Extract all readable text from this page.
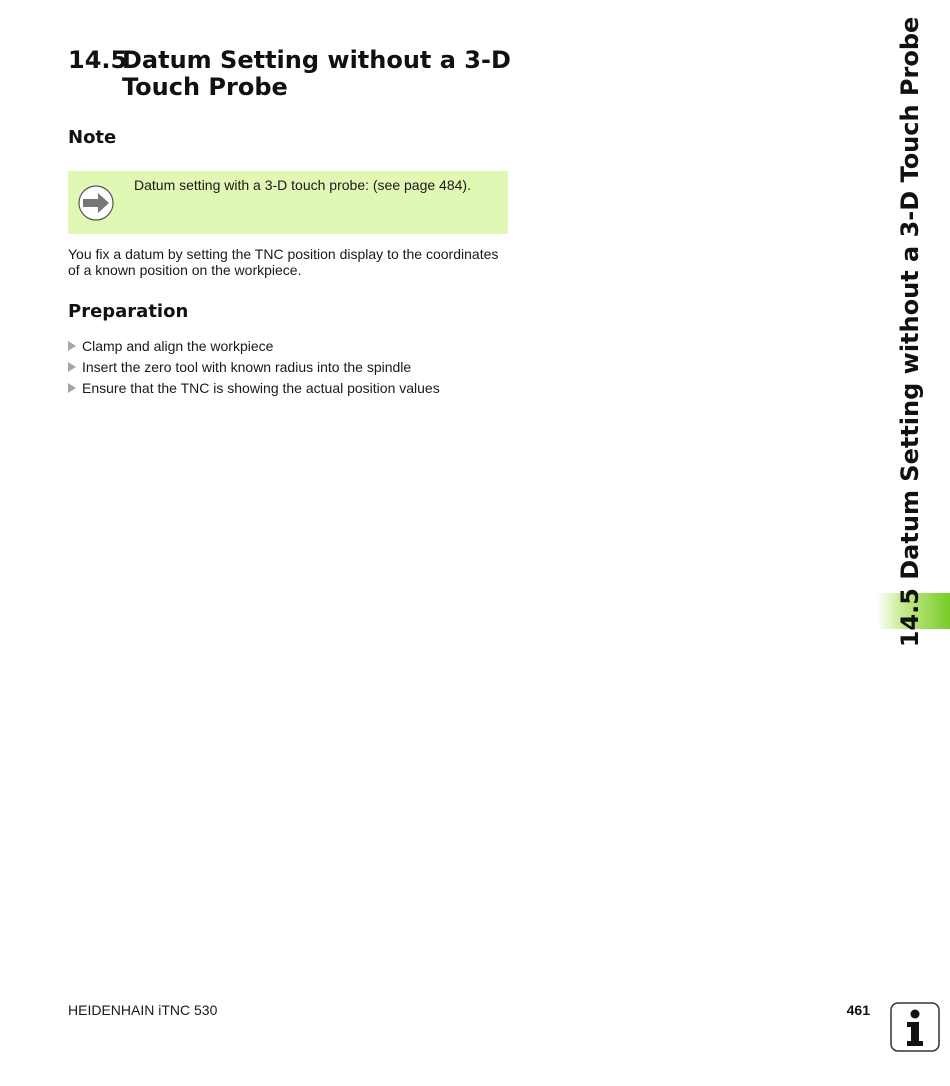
14.5
Datum Setting without a 3-D Touch Probe
Note
Datum setting with a 3-D touch probe: (see page 484).
You fix a datum by setting the TNC position display to the coordinates of a known position on the workpiece.
Preparation
Clamp and align the workpiece
Insert the zero tool with known radius into the spindle
Ensure that the TNC is showing the actual position values	14.5 Datum Setting without a 3-D Touch Probe
HEIDENHAIN iTNC 530	461
